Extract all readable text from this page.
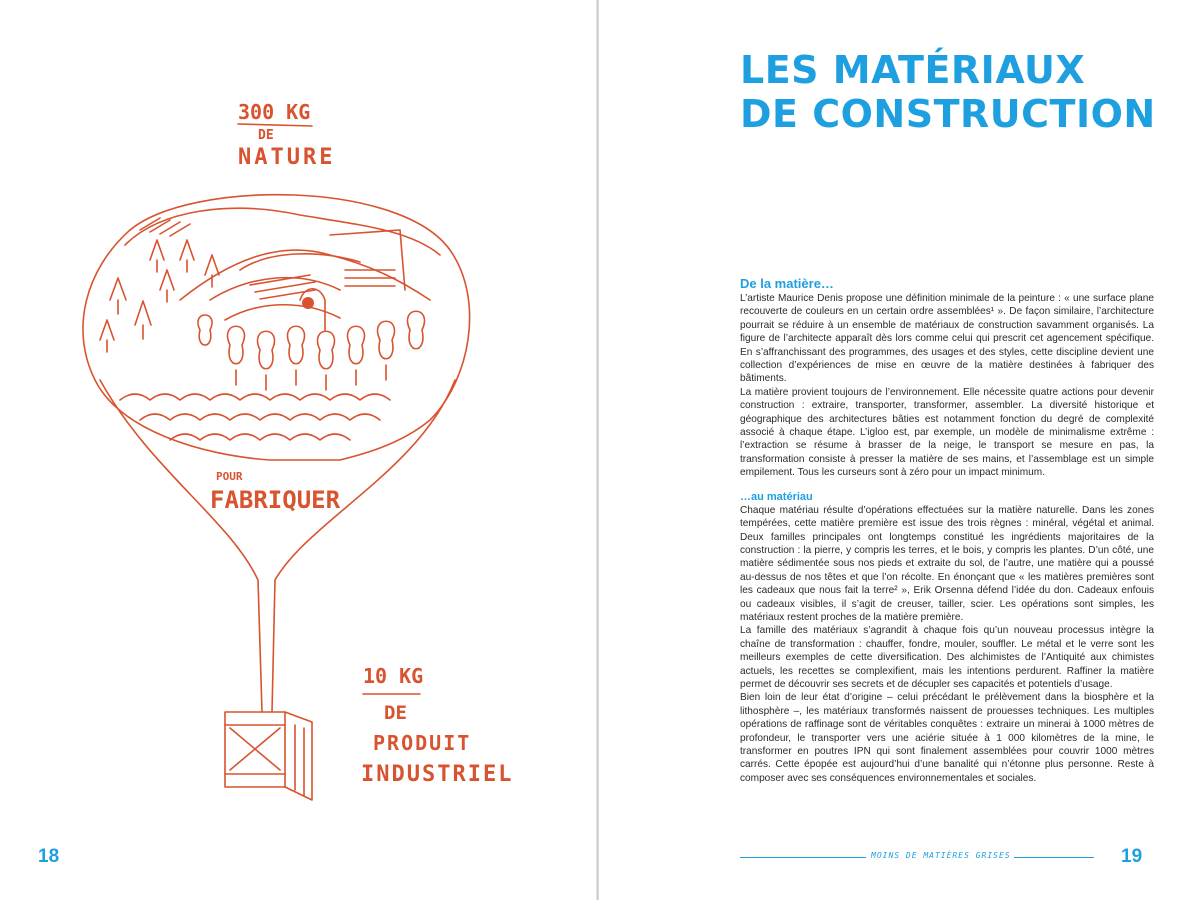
300 KG
DE
NATURE
POUR
FABRIQUER
10 KG
DE
PRODUIT
INDUSTRIEL
18
LES MATÉRIAUX
DE CONSTRUCTION
De la matière…

L’artiste Maurice Denis propose une définition minimale de la peinture : « une surface plane recouverte de couleurs en un certain ordre assemblées¹ ». De façon similaire, l’architecture pourrait se réduire à un ensemble de matériaux de construction savamment organisés. La figure de l’architecte apparaît dès lors comme celui qui prescrit cet agencement spécifique. En s’affranchissant des programmes, des usages et des styles, cette discipline devient une collection d’expériences de mise en œuvre de la matière destinées à fabriquer des bâtiments.

La matière provient toujours de l’environnement. Elle nécessite quatre actions pour devenir construction : extraire, transporter, transformer, assembler. La diversité historique et géographique des architectures bâties est notamment fonction du degré de complexité associé à chaque étape. L’igloo est, par exemple, un modèle de minimalisme extrême : l’extraction se résume à brasser de la neige, le transport se mesure en pas, la transformation consiste à presser la matière de ses mains, et l’assemblage est un simple empilement. Tous les curseurs sont à zéro pour un impact minimum.

…au matériau

Chaque matériau résulte d’opérations effectuées sur la matière naturelle. Dans les zones tempérées, cette matière première est issue des trois règnes : minéral, végétal et animal. Deux familles principales ont longtemps constitué les ingrédients majoritaires de la construction : la pierre, y compris les terres, et le bois, y compris les plantes. D’un côté, une matière sédimentée sous nos pieds et extraite du sol, de l’autre, une matière qui a poussé au-dessus de nos têtes et que l’on récolte. En énonçant que « les matières premières sont les cadeaux que nous fait la terre² », Erik Orsenna défend l’idée du don. Cadeaux enfouis ou cadeaux visibles, il s’agit de creuser, tailler, scier. Les opérations sont simples, les matériaux restent proches de la matière première.

La famille des matériaux s’agrandit à chaque fois qu’un nouveau processus intègre la chaîne de transformation : chauffer, fondre, mouler, souffler. Le métal et le verre sont les meilleurs exemples de cette diversification. Des alchimistes de l’Antiquité aux chimistes actuels, les recettes se complexifient, mais les intentions perdurent. Raffiner la matière permet de découvrir ses secrets et de décupler ses capacités et potentiels d’usage.

Bien loin de leur état d’origine – celui précédant le prélèvement dans la biosphère et la lithosphère –, les matériaux transformés naissent de prouesses techniques. Les multiples opérations de raffinage sont de véritables conquêtes : extraire un minerai à 1000 mètres de profondeur, le transporter vers une aciérie située à 1 000 kilomètres de la mine, le transformer en poutres IPN qui sont finalement assemblées pour couvrir 1000 mètres carrés. Cette épopée est aujourd’hui d’une banalité qui n’étonne plus personne. Reste à composer avec ses conséquences environnementales et sociales.

MOINS DE MATIÈRES GRISES	19
